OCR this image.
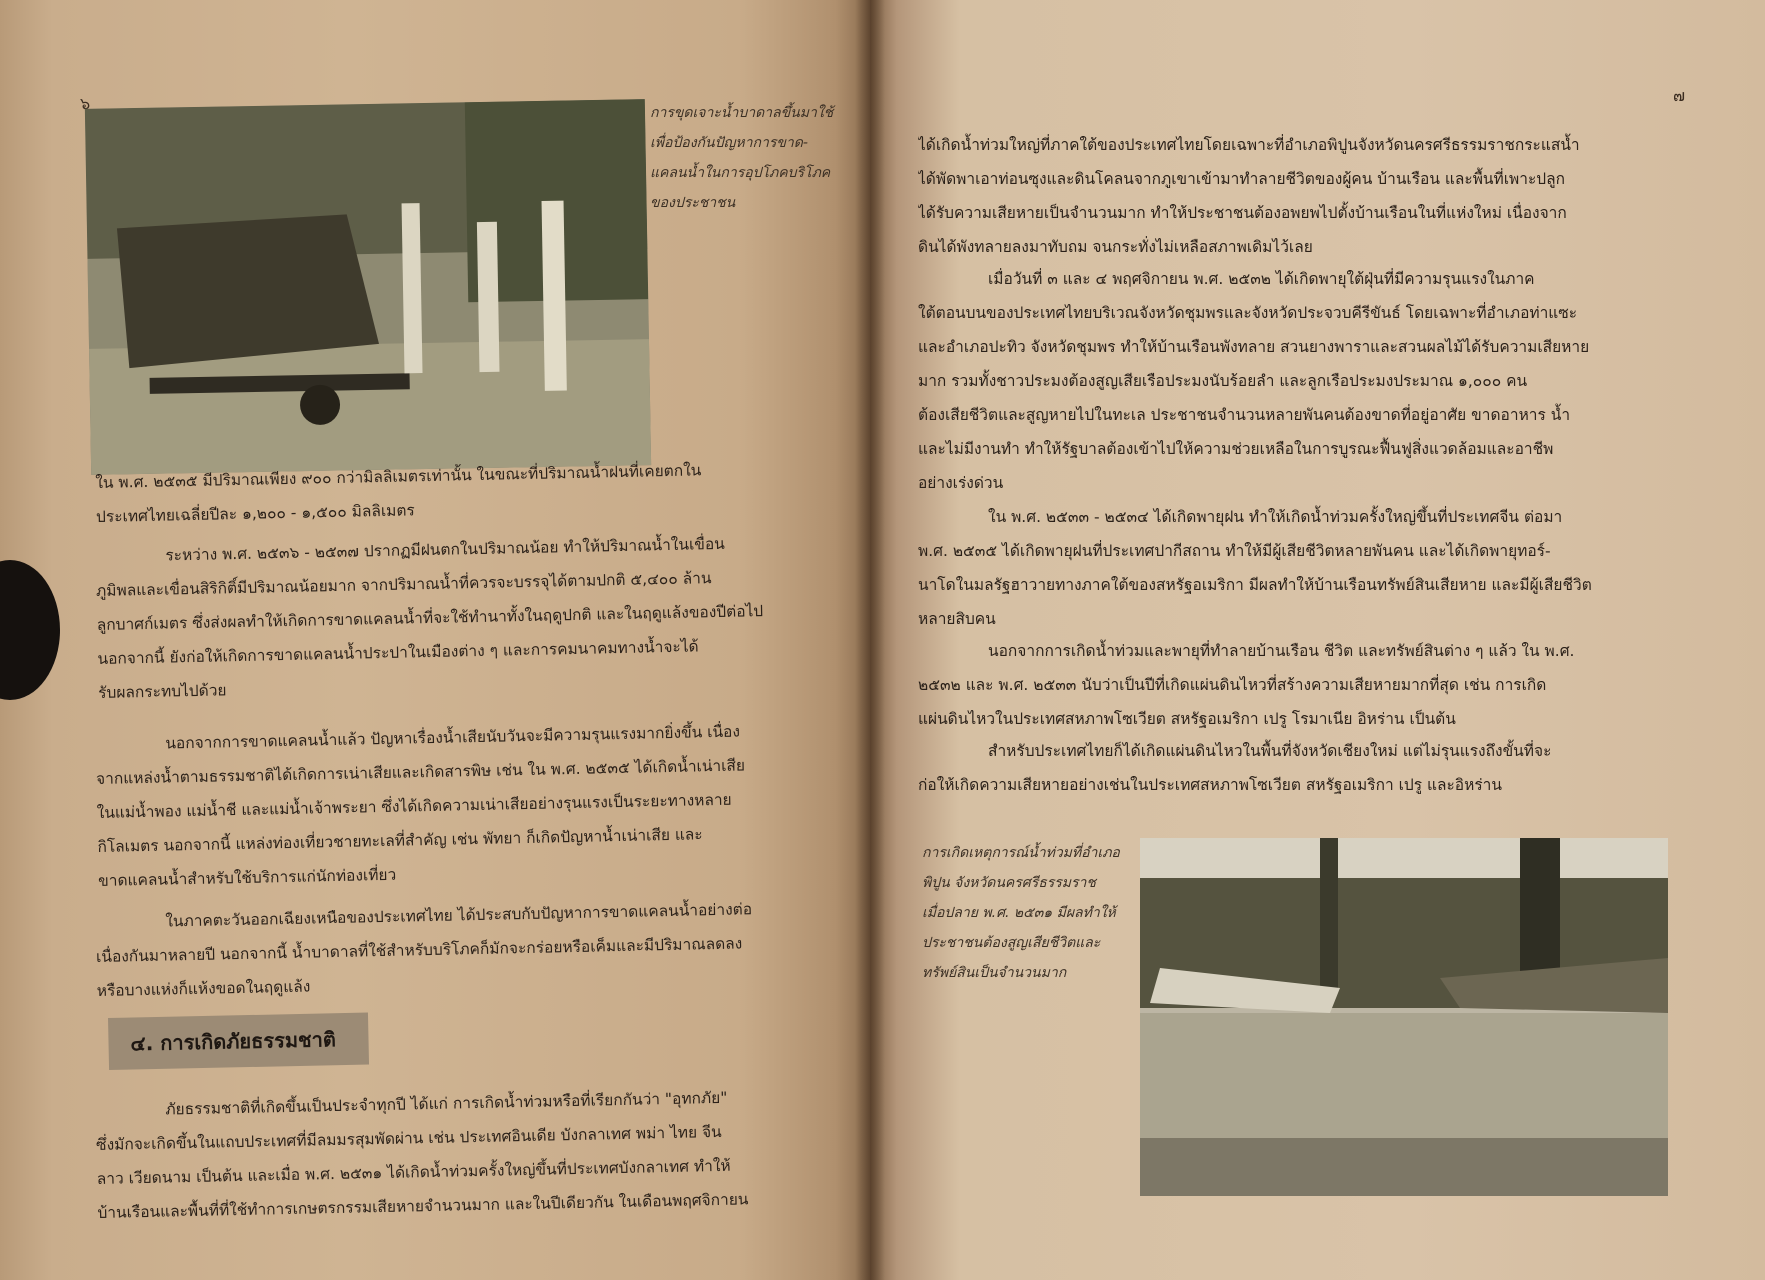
๖	การขุดเจาะน้ำบาดาลขึ้นมาใช้
เพื่อป้องกันปัญหาการขาด-
แคลนน้ำในการอุปโภคบริโภค
ของประชาชน
ใน พ.ศ. ๒๕๓๕ มีปริมาณเพียง ๙๐๐ กว่ามิลลิเมตรเท่านั้น ในขณะที่ปริมาณน้ำฝนที่เคยตกใน
ประเทศไทยเฉลี่ยปีละ ๑,๒๐๐ - ๑,๕๐๐ มิลลิเมตร
ระหว่าง พ.ศ. ๒๕๓๖ - ๒๕๓๗ ปรากฏมีฝนตกในปริมาณน้อย ทำให้ปริมาณน้ำในเขื่อน
ภูมิพลและเขื่อนสิริกิติ์มีปริมาณน้อยมาก จากปริมาณน้ำที่ควรจะบรรจุได้ตามปกติ ๕,๔๐๐ ล้าน
ลูกบาศก์เมตร ซึ่งส่งผลทำให้เกิดการขาดแคลนน้ำที่จะใช้ทำนาทั้งในฤดูปกติ และในฤดูแล้งของปีต่อไป
นอกจากนี้ ยังก่อให้เกิดการขาดแคลนน้ำประปาในเมืองต่าง ๆ และการคมนาคมทางน้ำจะได้
รับผลกระทบไปด้วย
นอกจากการขาดแคลนน้ำแล้ว ปัญหาเรื่องน้ำเสียนับวันจะมีความรุนแรงมากยิ่งขึ้น เนื่อง
จากแหล่งน้ำตามธรรมชาติได้เกิดการเน่าเสียและเกิดสารพิษ เช่น ใน พ.ศ. ๒๕๓๕ ได้เกิดน้ำเน่าเสีย
ในแม่น้ำพอง แม่น้ำชี และแม่น้ำเจ้าพระยา ซึ่งได้เกิดความเน่าเสียอย่างรุนแรงเป็นระยะทางหลาย
กิโลเมตร นอกจากนี้ แหล่งท่องเที่ยวชายทะเลที่สำคัญ เช่น พัทยา ก็เกิดปัญหาน้ำเน่าเสีย และ
ขาดแคลนน้ำสำหรับใช้บริการแก่นักท่องเที่ยว
ในภาคตะวันออกเฉียงเหนือของประเทศไทย ได้ประสบกับปัญหาการขาดแคลนน้ำอย่างต่อ
เนื่องกันมาหลายปี นอกจากนี้ น้ำบาดาลที่ใช้สำหรับบริโภคก็มักจะกร่อยหรือเค็มและมีปริมาณลดลง
หรือบางแห่งก็แห้งขอดในฤดูแล้ง
๔. การเกิดภัยธรรมชาติ
ภัยธรรมชาติที่เกิดขึ้นเป็นประจำทุกปี ได้แก่ การเกิดน้ำท่วมหรือที่เรียกกันว่า "อุทกภัย"
ซึ่งมักจะเกิดขึ้นในแถบประเทศที่มีลมมรสุมพัดผ่าน เช่น ประเทศอินเดีย บังกลาเทศ พม่า ไทย จีน
ลาว เวียดนาม เป็นต้น และเมื่อ พ.ศ. ๒๕๓๑ ได้เกิดน้ำท่วมครั้งใหญ่ขึ้นที่ประเทศบังกลาเทศ ทำให้
บ้านเรือนและพื้นที่ที่ใช้ทำการเกษตรกรรมเสียหายจำนวนมาก และในปีเดียวกัน ในเดือนพฤศจิกายน
๗
ได้เกิดน้ำท่วมใหญ่ที่ภาคใต้ของประเทศไทยโดยเฉพาะที่อำเภอพิปูนจังหวัดนครศรีธรรมราชกระแสน้ำ
ได้พัดพาเอาท่อนซุงและดินโคลนจากภูเขาเข้ามาทำลายชีวิตของผู้คน บ้านเรือน และพื้นที่เพาะปลูก
ได้รับความเสียหายเป็นจำนวนมาก ทำให้ประชาชนต้องอพยพไปตั้งบ้านเรือนในที่แห่งใหม่ เนื่องจาก
ดินได้พังทลายลงมาทับถม จนกระทั่งไม่เหลือสภาพเดิมไว้เลย
เมื่อวันที่ ๓ และ ๔ พฤศจิกายน พ.ศ. ๒๕๓๒ ได้เกิดพายุใต้ฝุ่นที่มีความรุนแรงในภาค
ใต้ตอนบนของประเทศไทยบริเวณจังหวัดชุมพรและจังหวัดประจวบคีรีขันธ์ โดยเฉพาะที่อำเภอท่าแซะ
และอำเภอปะทิว จังหวัดชุมพร ทำให้บ้านเรือนพังทลาย สวนยางพาราและสวนผลไม้ได้รับความเสียหาย
มาก รวมทั้งชาวประมงต้องสูญเสียเรือประมงนับร้อยลำ และลูกเรือประมงประมาณ ๑,๐๐๐ คน
ต้องเสียชีวิตและสูญหายไปในทะเล ประชาชนจำนวนหลายพันคนต้องขาดที่อยู่อาศัย ขาดอาหาร น้ำ
และไม่มีงานทำ ทำให้รัฐบาลต้องเข้าไปให้ความช่วยเหลือในการบูรณะฟื้นฟูสิ่งแวดล้อมและอาชีพ
อย่างเร่งด่วน
ใน พ.ศ. ๒๕๓๓ - ๒๕๓๔ ได้เกิดพายุฝน ทำให้เกิดน้ำท่วมครั้งใหญ่ขึ้นที่ประเทศจีน ต่อมา
พ.ศ. ๒๕๓๕ ได้เกิดพายุฝนที่ประเทศปากีสถาน ทำให้มีผู้เสียชีวิตหลายพันคน และได้เกิดพายุทอร์-
นาโดในมลรัฐฮาวายทางภาคใต้ของสหรัฐอเมริกา มีผลทำให้บ้านเรือนทรัพย์สินเสียหาย และมีผู้เสียชีวิต
หลายสิบคน
นอกจากการเกิดน้ำท่วมและพายุที่ทำลายบ้านเรือน ชีวิต และทรัพย์สินต่าง ๆ แล้ว ใน พ.ศ.
๒๕๓๒ และ พ.ศ. ๒๕๓๓ นับว่าเป็นปีที่เกิดแผ่นดินไหวที่สร้างความเสียหายมากที่สุด เช่น การเกิด
แผ่นดินไหวในประเทศสหภาพโซเวียต สหรัฐอเมริกา เปรู โรมาเนีย อิหร่าน เป็นต้น
สำหรับประเทศไทยก็ได้เกิดแผ่นดินไหวในพื้นที่จังหวัดเชียงใหม่ แต่ไม่รุนแรงถึงขั้นที่จะ
ก่อให้เกิดความเสียหายอย่างเช่นในประเทศสหภาพโซเวียต สหรัฐอเมริกา เปรู และอิหร่าน
การเกิดเหตุการณ์น้ำท่วมที่อำเภอ
พิปูน จังหวัดนครศรีธรรมราช
เมื่อปลาย พ.ศ. ๒๕๓๑ มีผลทำให้
ประชาชนต้องสูญเสียชีวิตและ
ทรัพย์สินเป็นจำนวนมาก
